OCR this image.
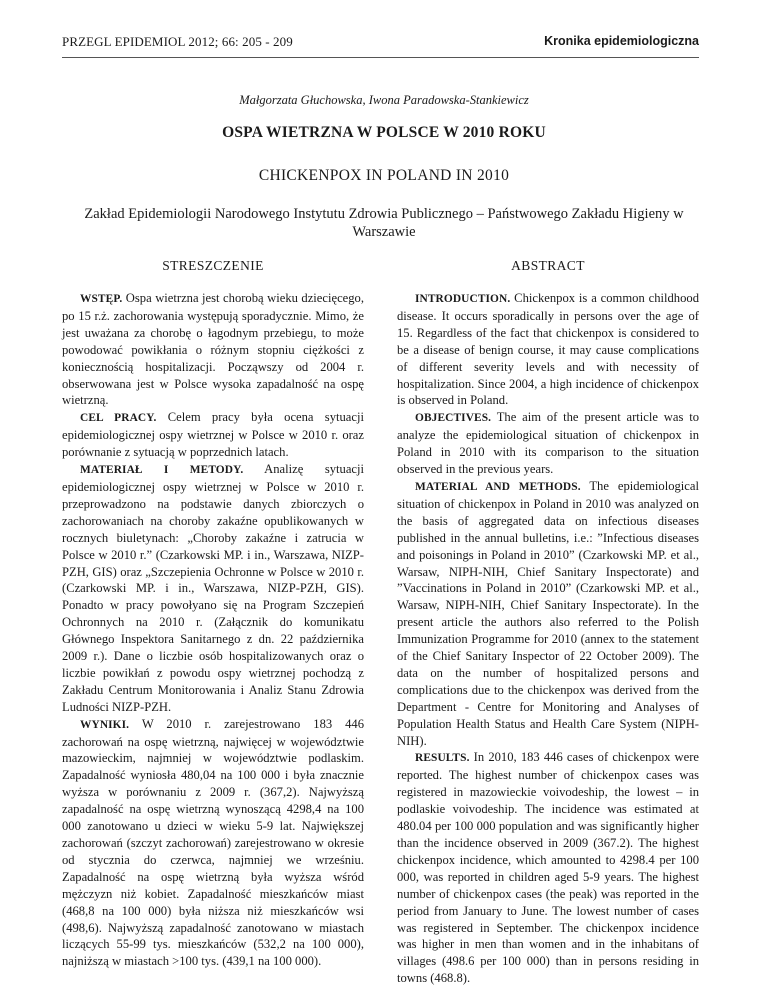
PRZEGL EPIDEMIOL 2012; 66: 205 - 209	Kronika epidemiologiczna
Małgorzata Głuchowska, Iwona Paradowska-Stankiewicz
OSPA WIETRZNA W POLSCE W 2010 ROKU
CHICKENPOX IN POLAND IN 2010
Zakład Epidemiologii Narodowego Instytutu Zdrowia Publicznego – Państwowego Zakładu Higieny w Warszawie
STRESZCZENIE	ABSTRACT

WSTĘP. Ospa wietrzna jest chorobą wieku dziecięcego, po 15 r.ż. zachorowania występują sporadycznie. Mimo, że jest uważana za chorobę o łagodnym przebiegu, to może powodować powikłania o różnym stopniu ciężkości z koniecznością hospitalizacji. Począwszy od 2004 r. obserwowana jest w Polsce wysoka zapadalność na ospę wietrzną.

CEL PRACY. Celem pracy była ocena sytuacji epidemiologicznej ospy wietrznej w Polsce w 2010 r. oraz porównanie z sytuacją w poprzednich latach.

MATERIAŁ I METODY. Analizę sytuacji epidemiologicznej ospy wietrznej w Polsce w 2010 r. przeprowadzono na podstawie danych zbiorczych o zachorowaniach na choroby zakaźne opublikowanych w rocznych biuletynach: „Choroby zakaźne i zatrucia w Polsce w 2010 r.” (Czarkowski MP. i in., Warszawa, NIZP-PZH, GIS) oraz „Szczepienia Ochronne w Polsce w 2010 r. (Czarkowski MP. i in., Warszawa, NIZP-PZH, GIS). Ponadto w pracy powołyano się na Program Szczepień Ochronnych na 2010 r. (Załącznik do komunikatu Głównego Inspektora Sanitarnego z dn. 22 października 2009 r.). Dane o liczbie osób hospitalizowanych oraz o liczbie powikłań z powodu ospy wietrznej pochodzą z Zakładu Centrum Monitorowania i Analiz Stanu Zdrowia Ludności NIZP-PZH.

WYNIKI. W 2010 r. zarejestrowano 183 446 zachorowań na ospę wietrzną, najwięcej w województwie mazowieckim, najmniej w województwie podlaskim. Zapadalność wyniosła 480,04 na 100 000 i była znacznie wyższa w porównaniu z 2009 r. (367,2). Najwyższą zapadalność na ospę wietrzną wynoszącą 4298,4 na 100 000 zanotowano u dzieci w wieku 5-9 lat. Największej zachorowań (szczyt zachorowań) zarejestrowano w okresie od stycznia do czerwca, najmniej we wrześniu. Zapadalność na ospę wietrzną była wyższa wśród mężczyzn niż kobiet. Zapadalność mieszkańców miast (468,8 na 100 000) była niższa niż mieszkańców wsi (498,6). Najwyższą zapadalność zanotowano w miastach liczących 55-99 tys. mieszkańców (532,2 na 100 000), najniższą w miastach >100 tys. (439,1 na 100 000).

INTRODUCTION. Chickenpox is a common childhood disease. It occurs sporadically in persons over the age of 15. Regardless of the fact that chickenpox is considered to be a disease of benign course, it may cause complications of different severity levels and with necessity of hospitalization. Since 2004, a high incidence of chickenpox is observed in Poland.

OBJECTIVES. The aim of the present article was to analyze the epidemiological situation of chickenpox in Poland in 2010 with its comparison to the situation observed in the previous years.

MATERIAL AND METHODS. The epidemiological situation of chickenpox in Poland in 2010 was analyzed on the basis of aggregated data on infectious diseases published in the annual bulletins, i.e.: ”Infectious diseases and poisonings in Poland in 2010” (Czarkowski MP. et al., Warsaw, NIPH-NIH, Chief Sanitary Inspectorate) and ”Vaccinations in Poland in 2010” (Czarkowski MP. et al., Warsaw, NIPH-NIH, Chief Sanitary Inspectorate). In the present article the authors also referred to the Polish Immunization Programme for 2010 (annex to the statement of the Chief Sanitary Inspector of 22 October 2009). The data on the number of hospitalized persons and complications due to the chickenpox was derived from the Department - Centre for Monitoring and Analyses of Population Health Status and Health Care System (NIPH-NIH).

RESULTS. In 2010, 183 446 cases of chickenpox were reported. The highest number of chickenpox cases was registered in mazowieckie voivodeship, the lowest – in podlaskie voivodeship. The incidence was estimated at 480.04 per 100 000 population and was significantly higher than the incidence observed in 2009 (367.2). The highest chickenpox incidence, which amounted to 4298.4 per 100 000, was reported in children aged 5-9 years. The highest number of chickenpox cases (the peak) was reported in the period from January to June. The lowest number of cases was registered in September. The chickenpox incidence was higher in men than women and in the inhabitans of villages (498.6 per 100 000) than in persons residing in towns (468.8).
